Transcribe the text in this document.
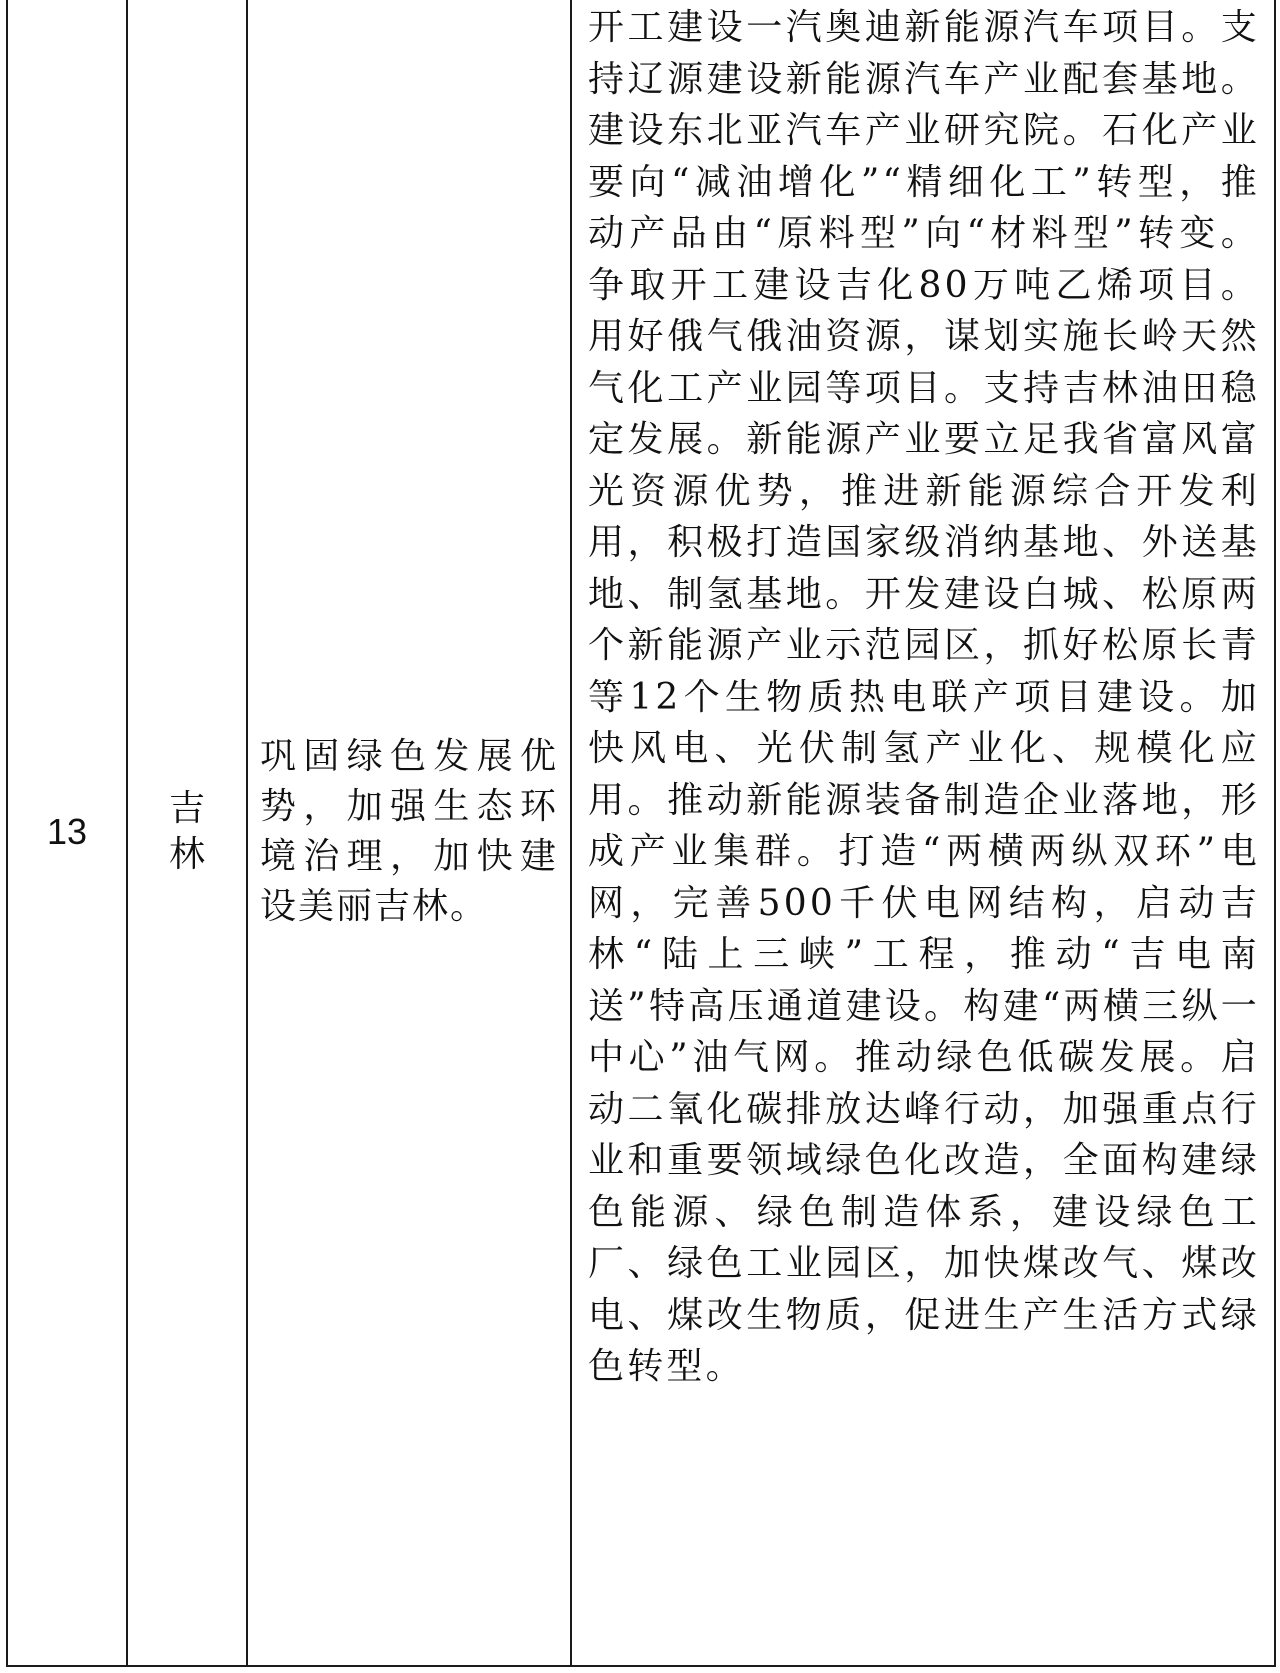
13	吉林	巩固绿色发展优势，加强生态环境治理，加快建设美丽吉林。	开工建设一汽奥迪新能源汽车项目。支持辽源建设新能源汽车产业配套基地。建设东北亚汽车产业研究院。石化产业要向“减油增化”“精细化工”转型，推动产品由“原料型”向“材料型”转变。争取开工建设吉化80万吨乙烯项目。用好俄气俄油资源，谋划实施长岭天然气化工产业园等项目。支持吉林油田稳定发展。新能源产业要立足我省富风富光资源优势，推进新能源综合开发利用，积极打造国家级消纳基地、外送基地、制氢基地。开发建设白城、松原两个新能源产业示范园区，抓好松原长青等12个生物质热电联产项目建设。加快风电、光伏制氢产业化、规模化应用。推动新能源装备制造企业落地，形成产业集群。打造“两横两纵双环”电网，完善500千伏电网结构，启动吉林“陆上三峡”工程，推动“吉电南送”特高压通道建设。构建“两横三纵一中心”油气网。推动绿色低碳发展。启动二氧化碳排放达峰行动，加强重点行业和重要领域绿色化改造，全面构建绿色能源、绿色制造体系，建设绿色工厂、绿色工业园区，加快煤改气、煤改电、煤改生物质，促进生产生活方式绿色转型。
